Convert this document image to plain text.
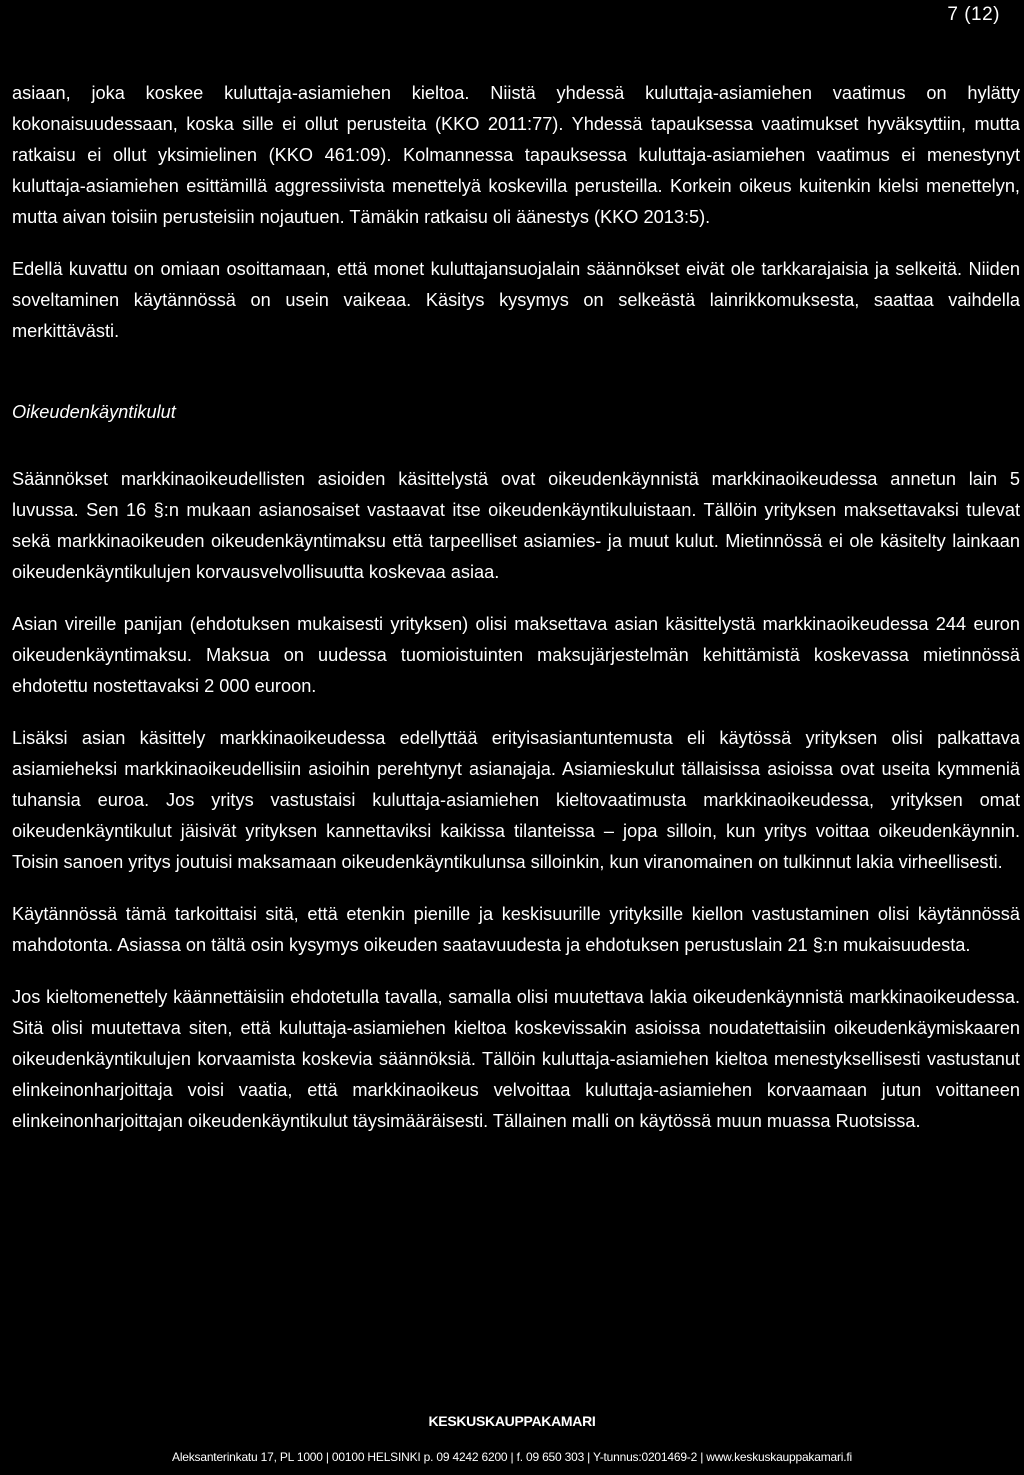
7 (12)

asiaan, joka koskee kuluttaja-asiamiehen kieltoa. Niistä yhdessä kuluttaja-asiamiehen vaatimus on hylätty kokonaisuudessaan, koska sille ei ollut perusteita (KKO 2011:77). Yhdessä tapauksessa vaatimukset hyväksyttiin, mutta ratkaisu ei ollut yksimielinen (KKO 461:09). Kolmannessa tapauksessa kuluttaja-asiamiehen vaatimus ei menestynyt kuluttaja-asiamiehen esittämillä aggressiivista menettelyä koskevilla perusteilla. Korkein oikeus kuitenkin kielsi menettelyn, mutta aivan toisiin perusteisiin nojautuen. Tämäkin ratkaisu oli äänestys (KKO 2013:5).

Edellä kuvattu on omiaan osoittamaan, että monet kuluttajansuojalain säännökset eivät ole tarkkarajaisia ja selkeitä. Niiden soveltaminen käytännössä on usein vaikeaa. Käsitys kysymys on selkeästä lainrikkomuksesta, saattaa vaihdella merkittävästi.

Oikeudenkäyntikulut

Säännökset markkinaoikeudellisten asioiden käsittelystä ovat oikeudenkäynnistä markkinaoikeudessa annetun lain 5 luvussa. Sen 16 §:n mukaan asianosaiset vastaavat itse oikeudenkäyntikuluistaan. Tällöin yrityksen maksettavaksi tulevat sekä markkinaoikeuden oikeudenkäyntimaksu että tarpeelliset asiamies- ja muut kulut. Mietinnössä ei ole käsitelty lainkaan oikeudenkäyntikulujen korvausvelvollisuutta koskevaa asiaa.

Asian vireille panijan (ehdotuksen mukaisesti yrityksen) olisi maksettava asian käsittelystä markkinaoikeudessa 244 euron oikeudenkäyntimaksu. Maksua on uudessa tuomioistuinten maksujärjestelmän kehittämistä koskevassa mietinnössä ehdotettu nostettavaksi 2 000 euroon.

Lisäksi asian käsittely markkinaoikeudessa edellyttää erityisasiantuntemusta eli käytössä yrityksen olisi palkattava asiamieheksi markkinaoikeudellisiin asioihin perehtynyt asianajaja. Asiamieskulut tällaisissa asioissa ovat useita kymmeniä tuhansia euroa. Jos yritys vastustaisi kuluttaja-asiamiehen kieltovaatimusta markkinaoikeudessa, yrityksen omat oikeudenkäyntikulut jäisivät yrityksen kannettaviksi kaikissa tilanteissa – jopa silloin, kun yritys voittaa oikeudenkäynnin. Toisin sanoen yritys joutuisi maksamaan oikeudenkäyntikulunsa silloinkin, kun viranomainen on tulkinnut lakia virheellisesti.

Käytännössä tämä tarkoittaisi sitä, että etenkin pienille ja keskisuurille yrityksille kiellon vastustaminen olisi käytännössä mahdotonta. Asiassa on tältä osin kysymys oikeuden saatavuudesta ja ehdotuksen perustuslain 21 §:n mukaisuudesta.

Jos kieltomenettely käännettäisiin ehdotetulla tavalla, samalla olisi muutettava lakia oikeudenkäynnistä markkinaoikeudessa. Sitä olisi muutettava siten, että kuluttaja-asiamiehen kieltoa koskevissakin asioissa noudatettaisiin oikeudenkäymiskaaren oikeudenkäyntikulujen korvaamista koskevia säännöksiä. Tällöin kuluttaja-asiamiehen kieltoa menestyksellisesti vastustanut elinkeinonharjoittaja voisi vaatia, että markkinaoikeus velvoittaa kuluttaja-asiamiehen korvaamaan jutun voittaneen elinkeinonharjoittajan oikeudenkäyntikulut täysimääräisesti. Tällainen malli on käytössä muun muassa Ruotsissa.

KESKUSKAUPPAKAMARI
Aleksanterinkatu 17, PL 1000 | 00100 HELSINKI p. 09 4242 6200 | f. 09 650 303 | Y-tunnus:0201469-2 | www.keskuskauppakamari.fi
